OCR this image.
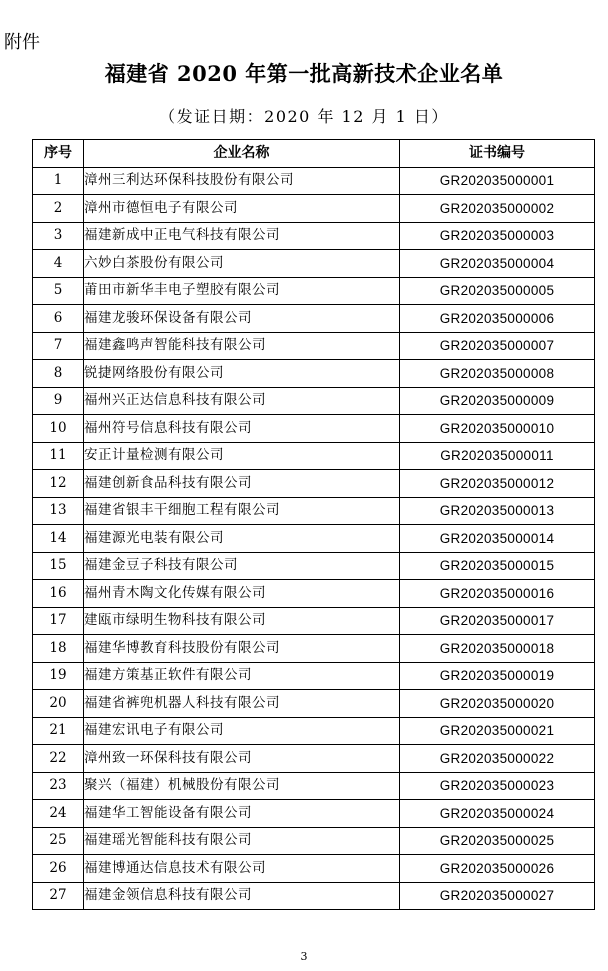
附件
福建省 2020 年第一批高新技术企业名单
（发证日期：2020 年 12 月 1 日）
序号	企业名称	证书编号
1	漳州三利达环保科技股份有限公司	GR202035000001
2	漳州市德恒电子有限公司	GR202035000002
3	福建新成中正电气科技有限公司	GR202035000003
4	六妙白茶股份有限公司	GR202035000004
5	莆田市新华丰电子塑胶有限公司	GR202035000005
6	福建龙骏环保设备有限公司	GR202035000006
7	福建鑫鸣声智能科技有限公司	GR202035000007
8	锐捷网络股份有限公司	GR202035000008
9	福州兴正达信息科技有限公司	GR202035000009
10	福州符号信息科技有限公司	GR202035000010
11	安正计量检测有限公司	GR202035000011
12	福建创新食品科技有限公司	GR202035000012
13	福建省银丰干细胞工程有限公司	GR202035000013
14	福建源光电装有限公司	GR202035000014
15	福建金豆子科技有限公司	GR202035000015
16	福州青木陶文化传媒有限公司	GR202035000016
17	建瓯市绿明生物科技有限公司	GR202035000017
18	福建华博教育科技股份有限公司	GR202035000018
19	福建方策基正软件有限公司	GR202035000019
20	福建省裤兜机器人科技有限公司	GR202035000020
21	福建宏讯电子有限公司	GR202035000021
22	漳州致一环保科技有限公司	GR202035000022
23	聚兴（福建）机械股份有限公司	GR202035000023
24	福建华工智能设备有限公司	GR202035000024
25	福建瑶光智能科技有限公司	GR202035000025
26	福建博通达信息技术有限公司	GR202035000026
27	福建金领信息科技有限公司	GR202035000027
3
